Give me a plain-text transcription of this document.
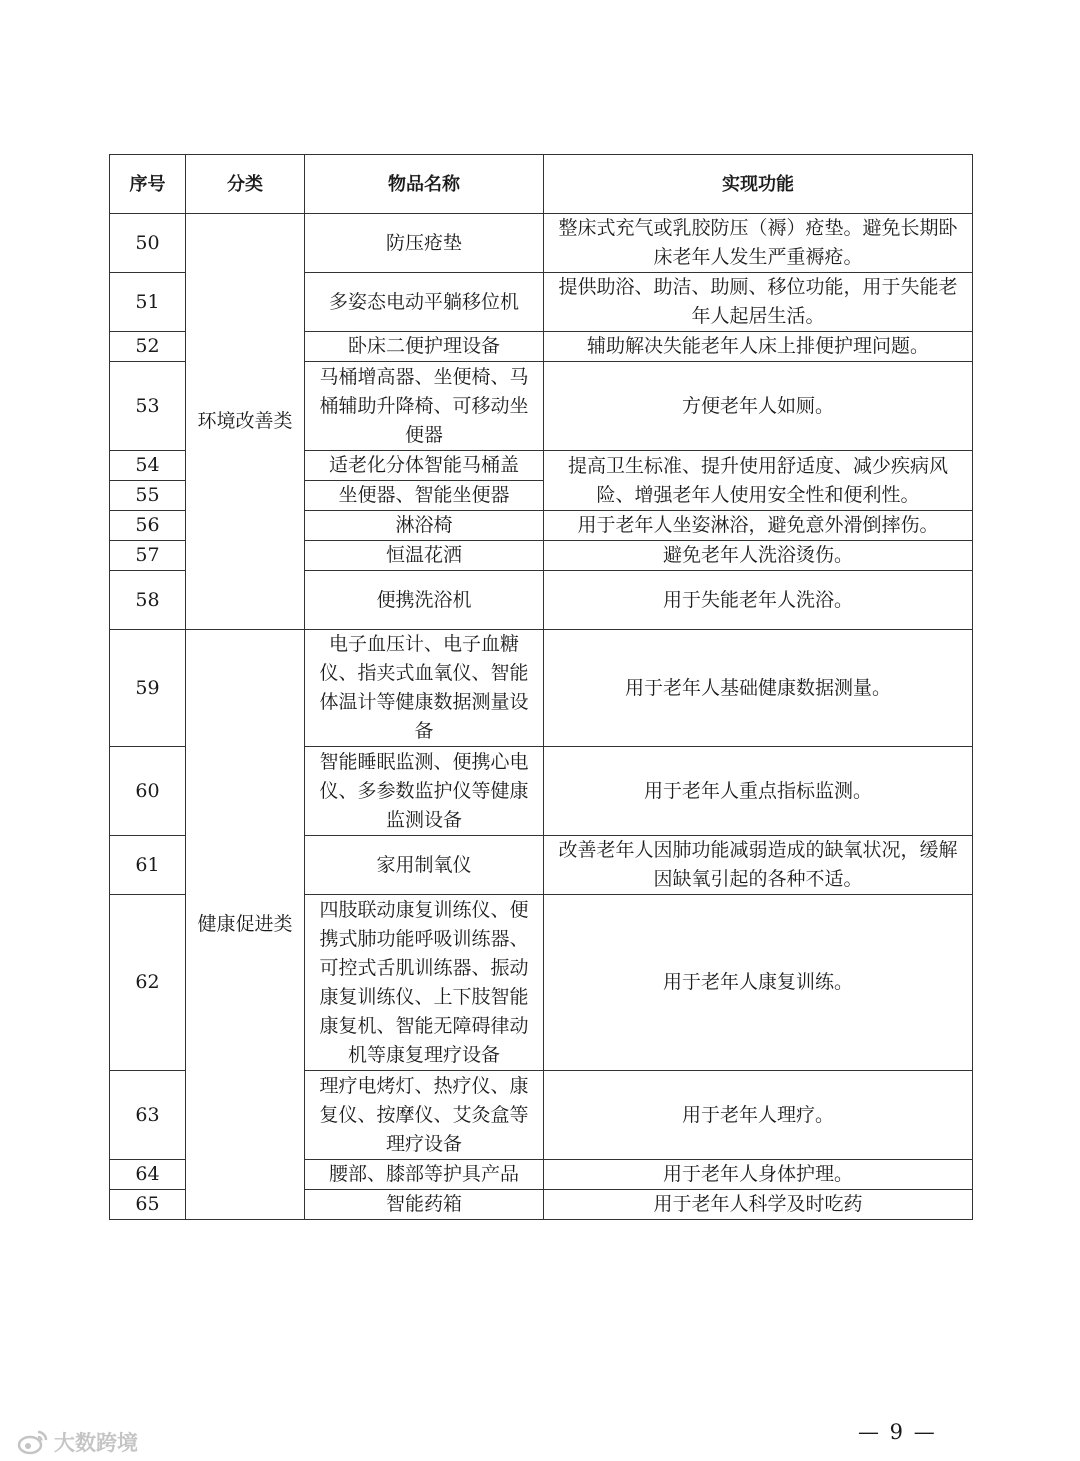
序号	分类	物品名称	实现功能
50	环境改善类	防压疮垫	整床式充气或乳胶防压（褥）疮垫。避免长期卧床老年人发生严重褥疮。
51		多姿态电动平躺移位机	提供助浴、助洁、助厕、移位功能，用于失能老年人起居生活。
52		卧床二便护理设备	辅助解决失能老年人床上排便护理问题。
53		马桶增高器、坐便椅、马桶辅助升降椅、可移动坐便器	方便老年人如厕。
54		适老化分体智能马桶盖	提高卫生标准、提升使用舒适度、减少疾病风险、增强老年人使用安全性和便利性。
55		坐便器、智能坐便器	
56		淋浴椅	用于老年人坐姿淋浴，避免意外滑倒摔伤。
57		恒温花洒	避免老年人洗浴烫伤。
58		便携洗浴机	用于失能老年人洗浴。
59	健康促进类	电子血压计、电子血糖仪、指夹式血氧仪、智能体温计等健康数据测量设备	用于老年人基础健康数据测量。
60		智能睡眠监测、便携心电仪、多参数监护仪等健康监测设备	用于老年人重点指标监测。
61		家用制氧仪	改善老年人因肺功能减弱造成的缺氧状况，缓解因缺氧引起的各种不适。
62		四肢联动康复训练仪、便携式肺功能呼吸训练器、可控式舌肌训练器、振动康复训练仪、上下肢智能康复机、智能无障碍律动机等康复理疗设备	用于老年人康复训练。
63		理疗电烤灯、热疗仪、康复仪、按摩仪、艾灸盒等理疗设备	用于老年人理疗。
64		腰部、膝部等护具产品	用于老年人身体护理。
65		智能药箱	用于老年人科学及时吃药
大数跨境	— 9 —
